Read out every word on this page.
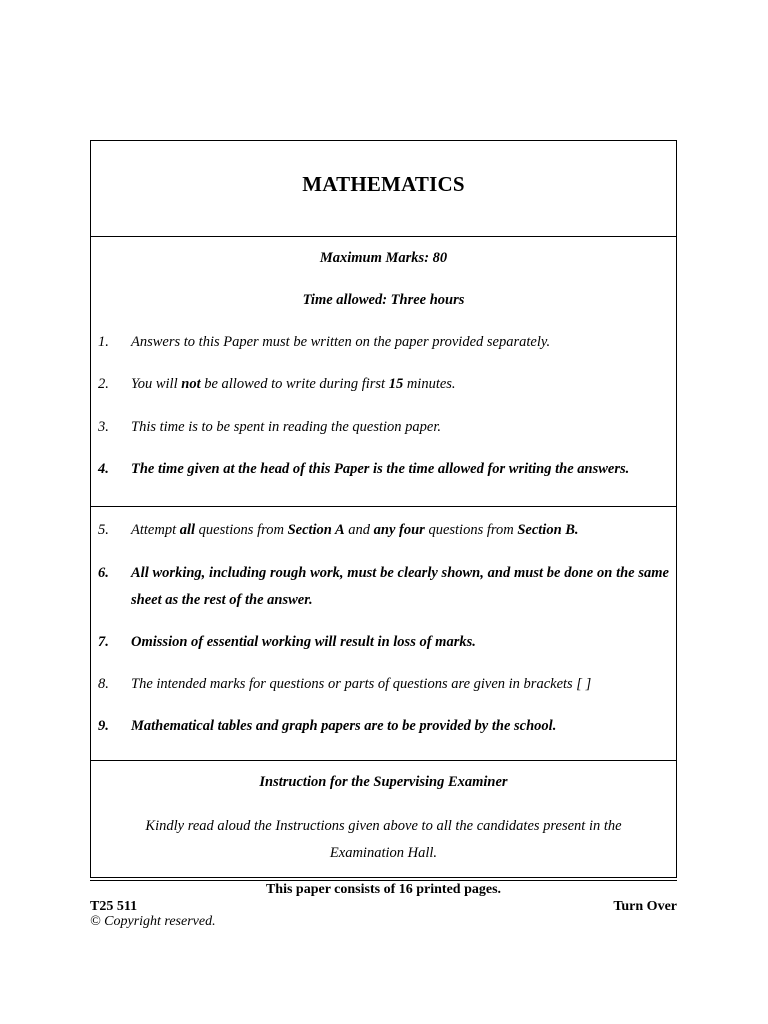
MATHEMATICS
Maximum Marks: 80
Time allowed: Three hours
1. Answers to this Paper must be written on the paper provided separately.
2. You will not be allowed to write during first 15 minutes.
3. This time is to be spent in reading the question paper.
4. The time given at the head of this Paper is the time allowed for writing the answers.
5. Attempt all questions from Section A and any four questions from Section B.
6. All working, including rough work, must be clearly shown, and must be done on the same sheet as the rest of the answer.
7. Omission of essential working will result in loss of marks.
8. The intended marks for questions or parts of questions are given in brackets [ ]
9. Mathematical tables and graph papers are to be provided by the school.
Instruction for the Supervising Examiner
Kindly read aloud the Instructions given above to all the candidates present in the Examination Hall.
This paper consists of 16 printed pages.
T25 511	Turn Over
© Copyright reserved.
